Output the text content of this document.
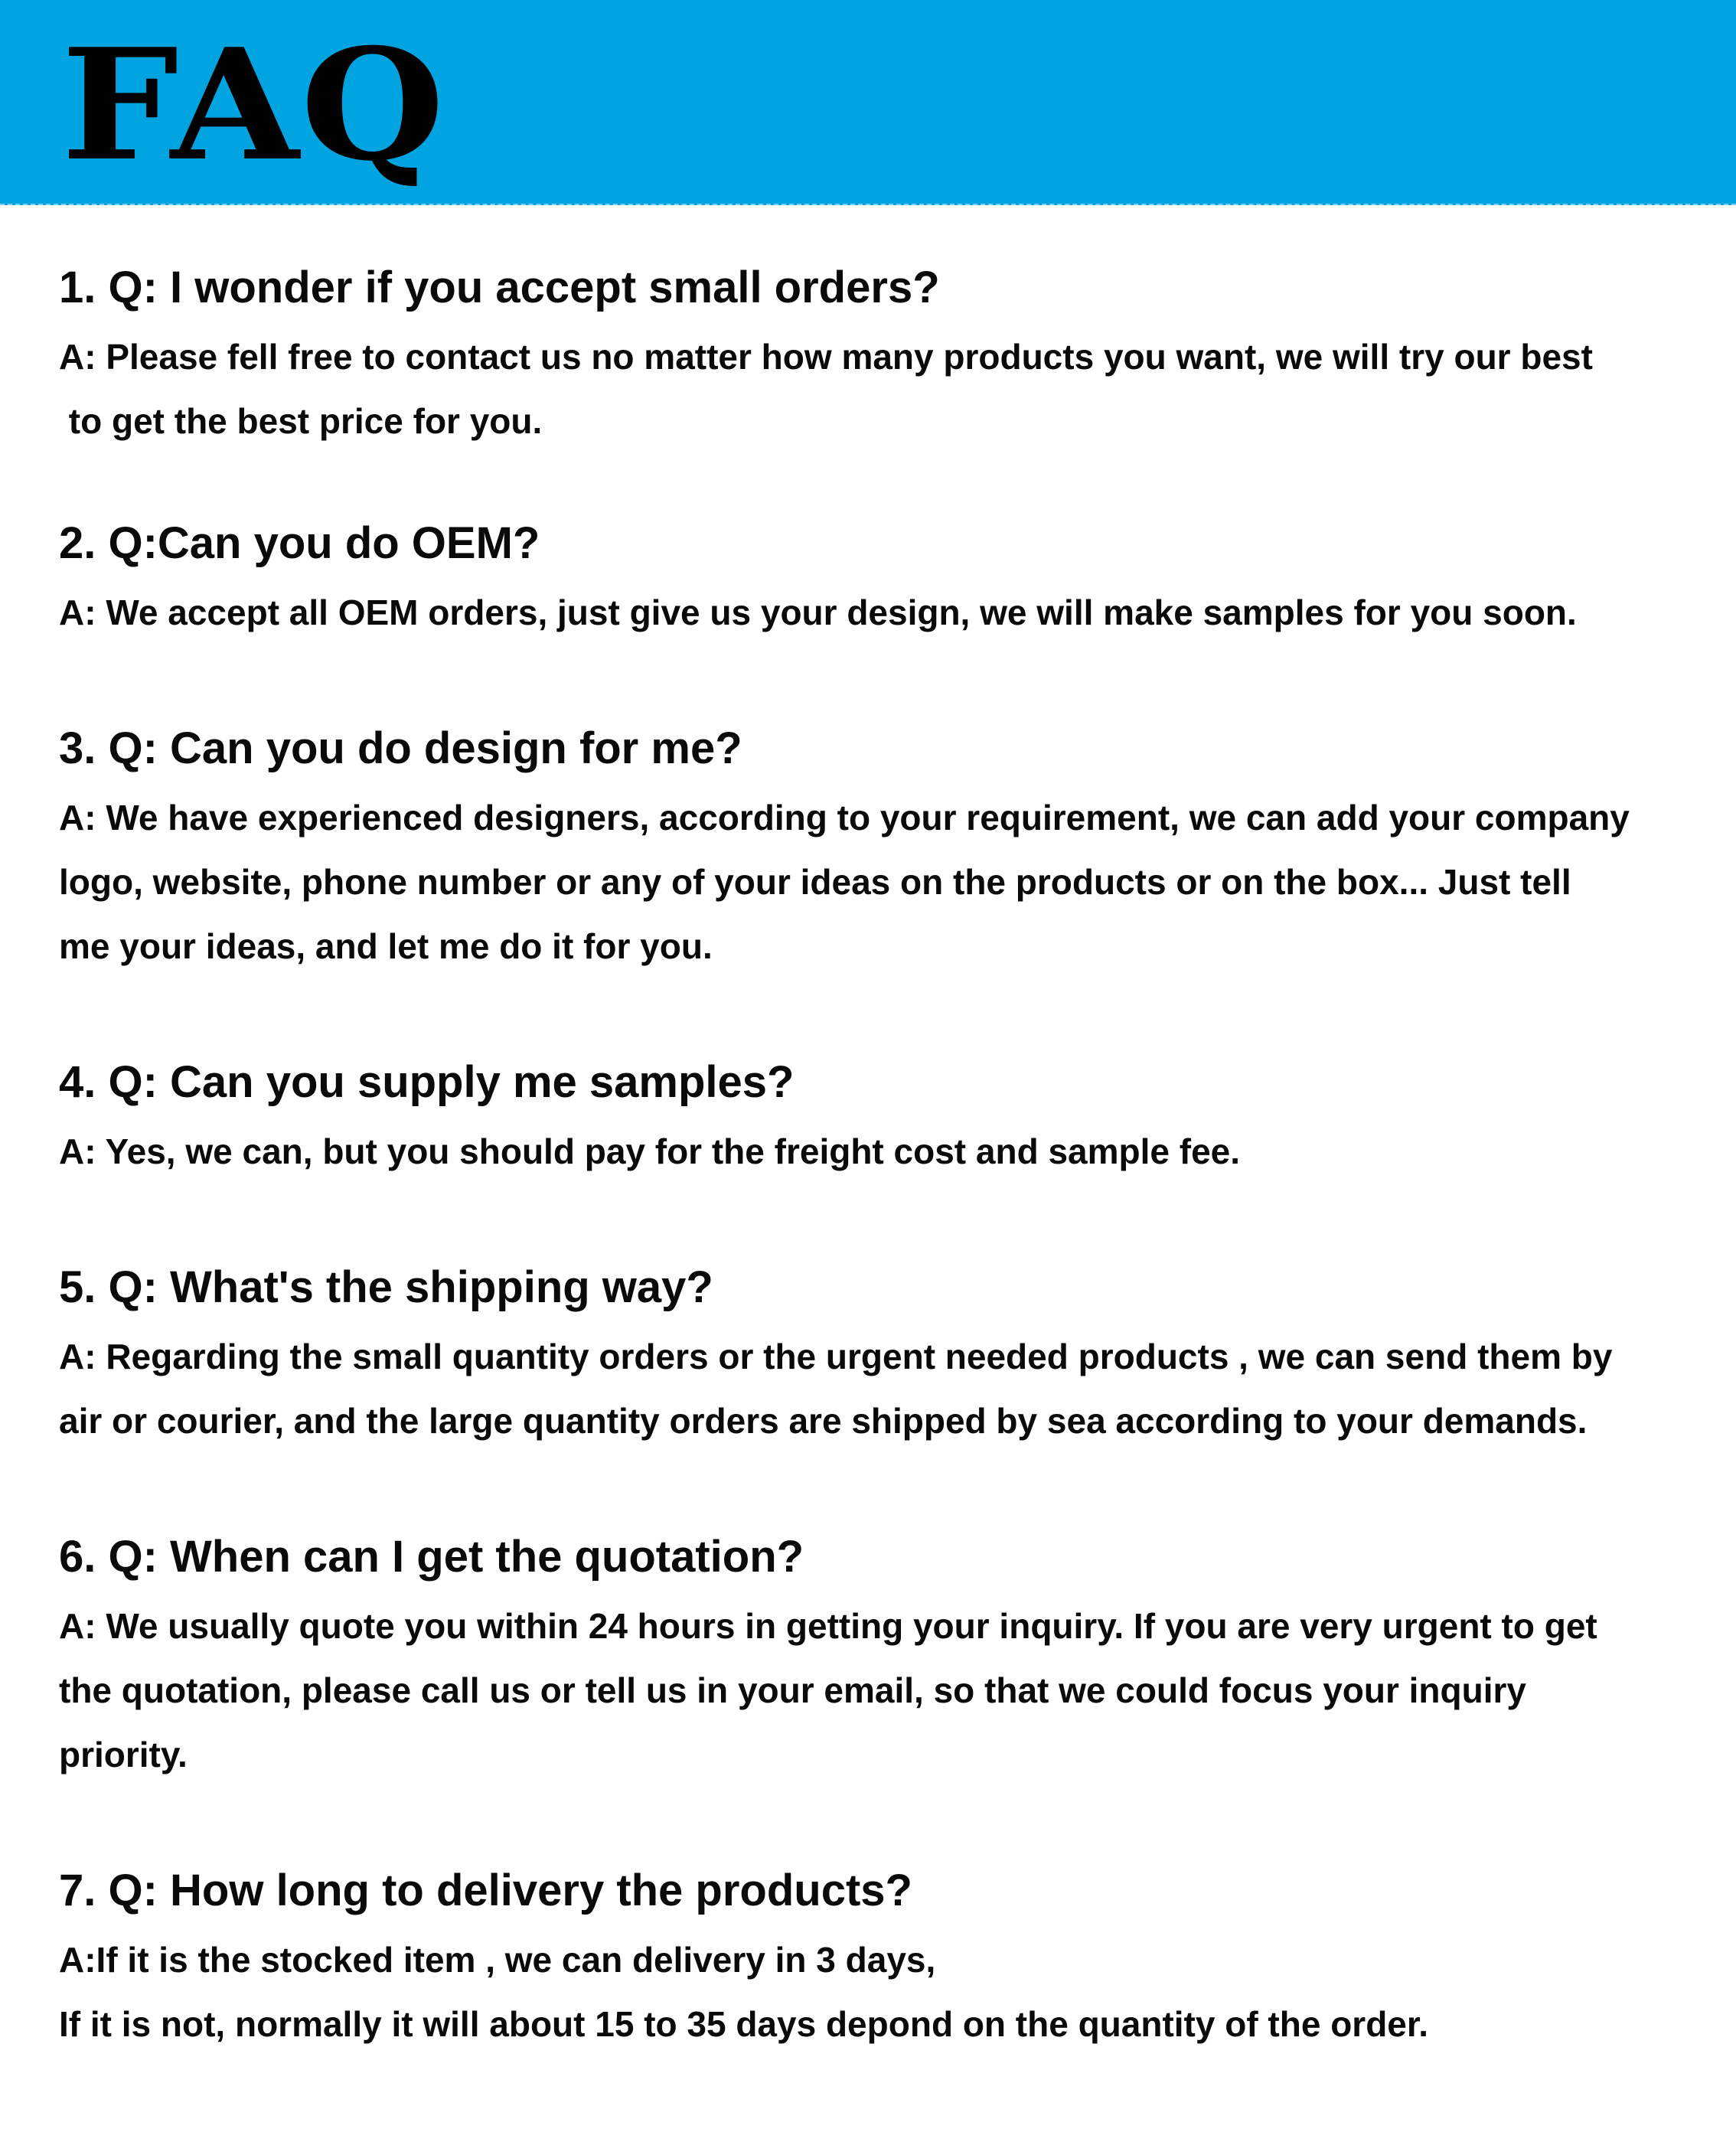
FAQ
1. Q: I wonder if you accept small orders?

A: Please fell free to contact us no matter how many products you want, we will try our best
to get the best price for you.

2. Q:Can you do OEM?

A: We accept all OEM orders, just give us your design, we will make samples for you soon.

3. Q: Can you do design for me?

A: We have experienced designers, according to your requirement, we can add your company
logo, website, phone number or any of your ideas on the products or on the box... Just tell
me your ideas, and let me do it for you.

4. Q: Can you supply me samples?

A: Yes, we can, but you should pay for the freight cost and sample fee.

5. Q: What's the shipping way?

A: Regarding the small quantity orders or the urgent needed products , we can send them by
air or courier, and the large quantity orders are shipped by sea according to your demands.

6. Q: When can I get the quotation?

A: We usually quote you within 24 hours in getting your inquiry. If you are very urgent to get
the quotation, please call us or tell us in your email, so that we could focus your inquiry
priority.

7. Q: How long to delivery the products?

A:If it is the stocked item , we can delivery in 3 days,
If it is not, normally it will about 15 to 35 days depond on the quantity of the order.
